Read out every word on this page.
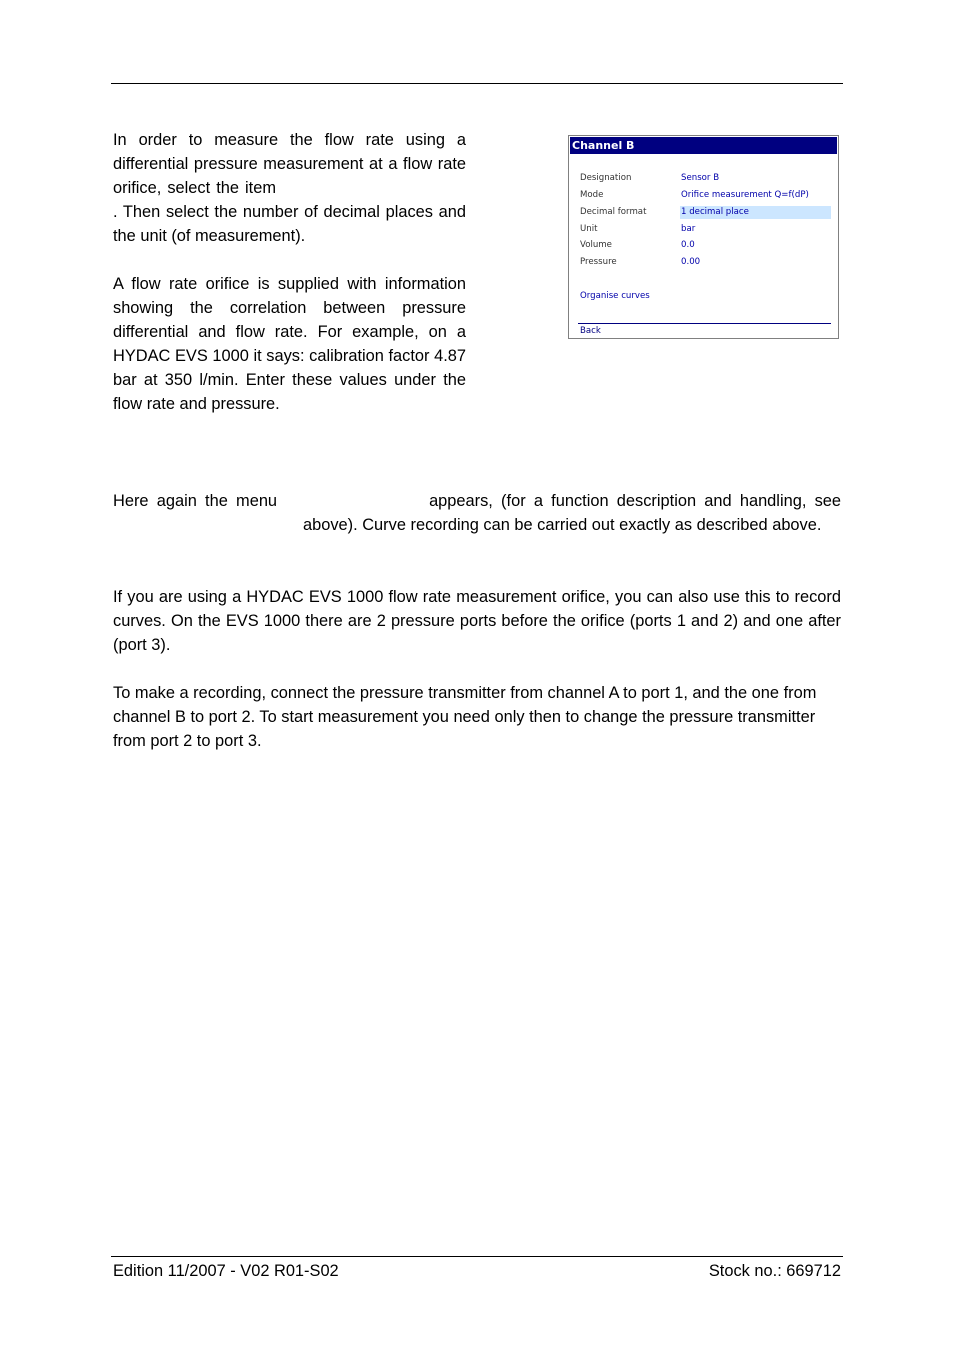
In order to measure the flow rate using a differential pressure measurement at a flow rate orifice, select the item. Then select the number of decimal places and the unit (of measurement).

A flow rate orifice is supplied with information showing the correlation between pressure differential and flow rate. For example, on a HYDAC EVS 1000 it says: calibration factor 4.87 bar at 350 l/min. Enter these values under the flow rate and pressure.

Channel B
Designation	Sensor B
Mode	Orifice measurement Q=f(dP)
Decimal format	1 decimal place
Unit	bar
Volume	0.0
Pressure	0.00
Organise curves
Back

Here again the menu	appears, (for a function description and handling, seeabove). Curve recording can be carried out exactly as described above.

If you are using a HYDAC EVS 1000 flow rate measurement orifice, you can also use this to record curves. On the EVS 1000 there are 2 pressure ports before the orifice (ports 1 and 2) and one after (port 3).

To make a recording, connect the pressure transmitter from channel A to port 1, and the one from channel B to port 2. To start measurement you need only then to change the pressure transmitter from port 2 to port 3.

Edition 11/2007 - V02 R01-S02	Stock no.: 669712
